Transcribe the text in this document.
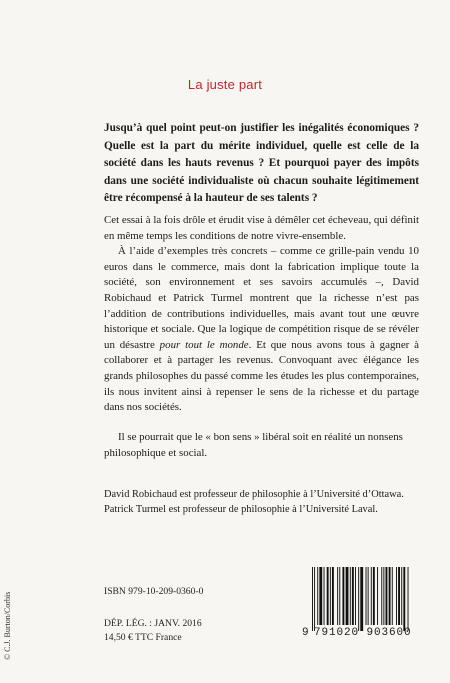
La juste part

Jusqu’à quel point peut-on justifier les inégalités économiques ? Quelle est la part du mérite individuel, quelle est celle de la société dans les hauts revenus ? Et pourquoi payer des impôts dans une société individualiste où chacun souhaite légitimement être récompensé à la hauteur de ses talents ?

Cet essai à la fois drôle et érudit vise à démêler cet écheveau, qui définit en même temps les conditions de notre vivre-ensemble.

À l’aide d’exemples très concrets – comme ce grille-pain vendu 10 euros dans le commerce, mais dont la fabrication implique toute la société, son environnement et ses savoirs accumulés –, David Robichaud et Patrick Turmel montrent que la richesse n’est pas l’addition de contributions individuelles, mais avant tout une œuvre historique et sociale. Que la logique de compétition risque de se révéler un désastre pour tout le monde. Et que nous avons tous à gagner à collaborer et à partager les revenus. Convoquant avec élégance les grands philosophes du passé comme les études les plus contemporaines, ils nous invitent ainsi à repenser le sens de la richesse et du partage dans nos sociétés.

Il se pourrait que le « bon sens » libéral soit en réalité un nonsens philosophique et social.

David Robichaud est professeur de philosophie à l’Université d’Ottawa.
Patrick Turmel est professeur de philosophie à l’Université Laval.
© C.J. Burton/Corbis
ISBN 979-10-209-0360-0
DÉP. LÉG. : JANV. 2016
14,50 € TTC France	9 791020 903600
